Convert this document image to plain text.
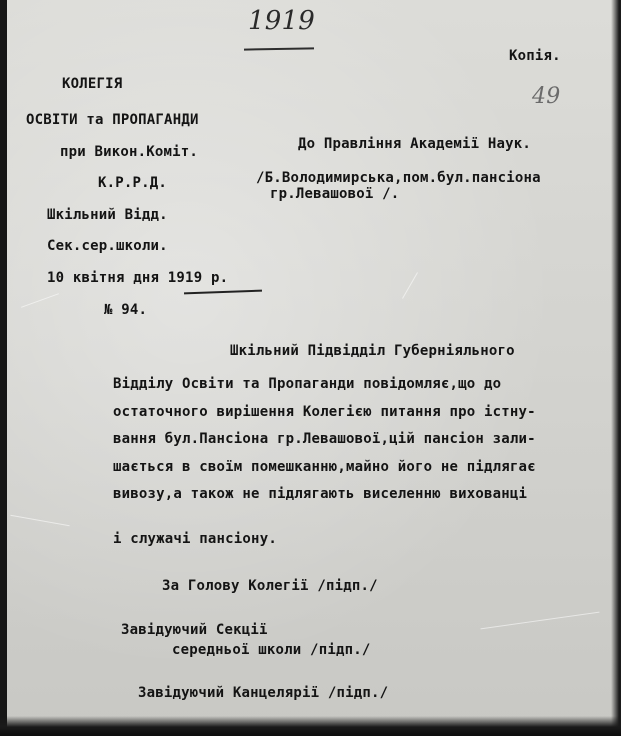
1919
Копія.
49
КОЛЕГІЯ
ОСВІТИ та ПРОПАГАНДИ
при Викон.Коміт.
К.Р.Р.Д.
Шкільний Відд.
Сек.сер.школи.
10 квітня дня 1919 р.
№ 94.
До Правління Академії Наук.
/Б.Володимирська,пом.бул.пансіона
гр.Левашової /.
Шкільний Підвідділ Губерніяльного
Відділу Освіти та Пропаганди повідомляє,що до
остаточного вирішення Колегією питання про істну-
вання бул.Пансіона гр.Левашової,цій пансіон зали-
шається в своїм помешканню,майно його не підлягає
вивозу,а також не підлягають виселенню вихованці
і служачі пансіону.
За Голову Колегії /підп./
Завідуючий Секції
середньої школи /підп./
Завідуючий Канцелярії /підп./
